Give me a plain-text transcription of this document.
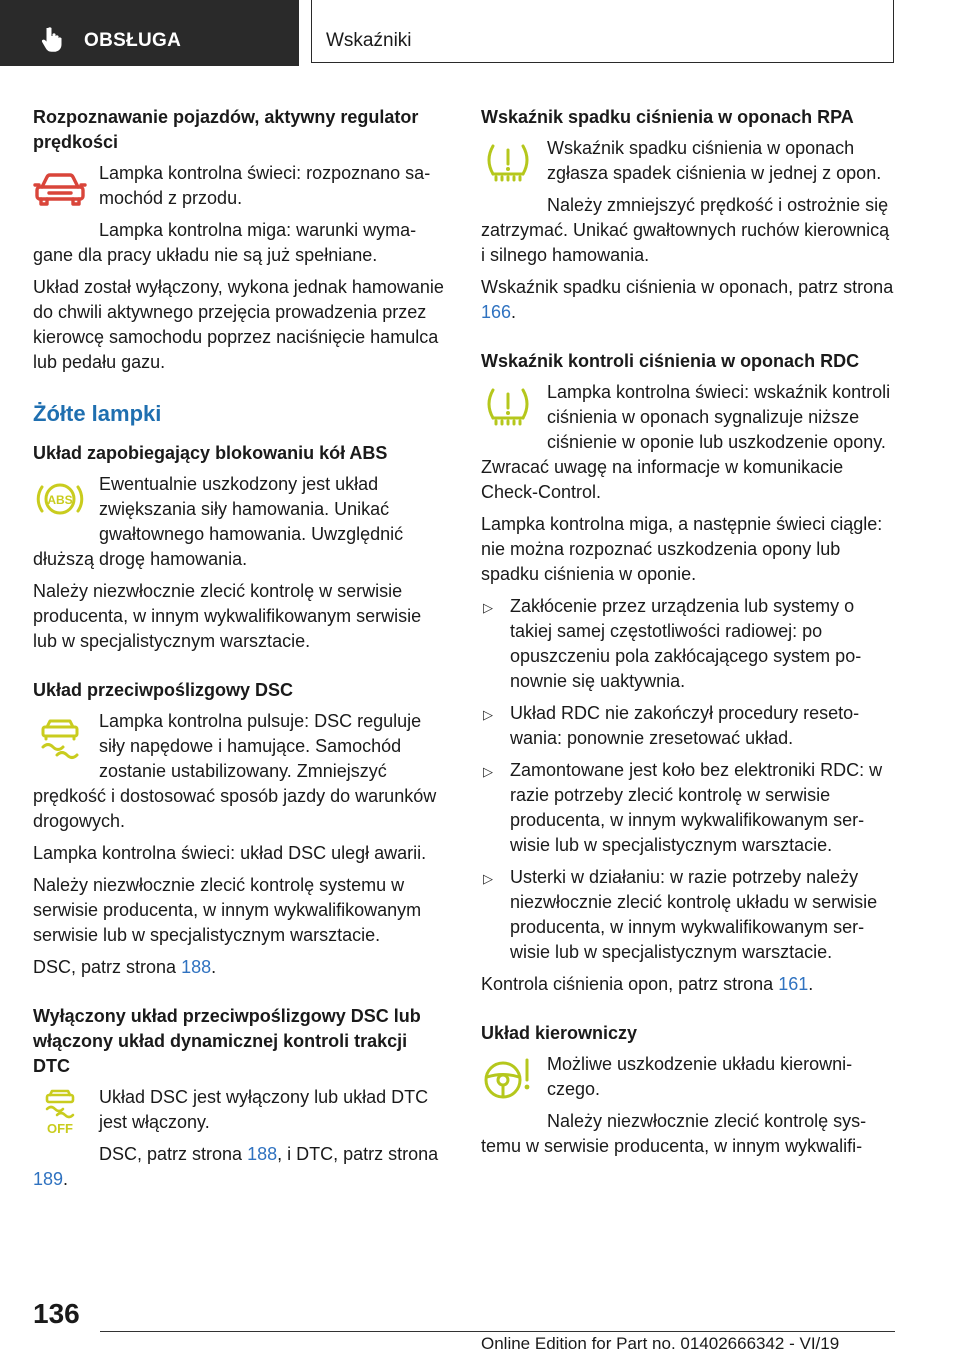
OBSŁUGA	Wskaźniki
Rozpoznawanie pojazdów, aktywny regulator prędkości

Lampka kontrolna świeci: rozpoznano samochód z przodu.

Lampka kontrolna miga: warunki wymagane dla pracy układu nie są już spełniane.

Układ został wyłączony, wykona jednak hamowanie do chwili aktywnego przejęcia prowadzenia przez kierowcę samochodu poprzez naciśnięcie hamulca lub pedału gazu.

Żółte lampki
Układ zapobiegający blokowaniu kół ABS
ABS

Ewentualnie uszkodzony jest układ zwiększania siły hamowania. Unikać gwałtownego hamowania. Uwzględnić dłuższą drogę hamowania.

Należy niezwłocznie zlecić kontrolę w serwisie producenta, w innym wykwalifikowanym serwisie lub w specjalistycznym warsztacie.

Układ przeciwpoślizgowy DSC

Lampka kontrolna pulsuje: DSC reguluje siły napędowe i hamujące. Samochód zostanie ustabilizowany. Zmniejszyć prędkość i dostosować sposób jazdy do warunków drogowych.

Lampka kontrolna świeci: układ DSC uległ awarii.

Należy niezwłocznie zlecić kontrolę systemu w serwisie producenta, w innym wykwalifikowanym serwisie lub w specjalistycznym warsztacie.

DSC, patrz strona 188.

Wyłączony układ przeciwpoślizgowy DSC lub włączony układ dynamicznej kontroli trakcji DTC
OFF

Układ DSC jest wyłączony lub układ DTC jest włączony.

DSC, patrz strona 188, i DTC, patrz strona 189.

Wskaźnik spadku ciśnienia w oponach RPA

Wskaźnik spadku ciśnienia w oponach zgłasza spadek ciśnienia w jednej z opon.

Należy zmniejszyć prędkość i ostrożnie się zatrzymać. Unikać gwałtownych ruchów kierownicą i silnego hamowania.

Wskaźnik spadku ciśnienia w oponach, patrz strona 166.

Wskaźnik kontroli ciśnienia w oponach RDC

Lampka kontrolna świeci: wskaźnik kontroli ciśnienia w oponach sygnalizuje niższe ciśnienie w oponie lub uszkodzenie opony. Zwracać uwagę na informacje w komunikacie Check-Control.

Lampka kontrolna miga, a następnie świeci ciągle: nie można rozpoznać uszkodzenia opony lub spadku ciśnienia w oponie.

▷ Zakłócenie przez urządzenia lub systemy o takiej samej częstotliwości radiowej: po opuszczeniu pola zakłócającego system ponownie się uaktywnia.
▷ Układ RDC nie zakończył procedury resetowania: ponownie zresetować układ.
▷ Zamontowane jest koło bez elektroniki RDC: w razie potrzeby zlecić kontrolę w serwisie producenta, w innym wykwalifikowanym serwisie lub w specjalistycznym warsztacie.
▷ Usterki w działaniu: w razie potrzeby należy niezwłocznie zlecić kontrolę układu w serwisie producenta, w innym wykwalifikowanym serwisie lub w specjalistycznym warsztacie.

Kontrola ciśnienia opon, patrz strona 161.

Układ kierowniczy

Możliwe uszkodzenie układu kierowniczego.

Należy niezwłocznie zlecić kontrolę systemu w serwisie producenta, w innym wykwalifi-

136
Online Edition for Part no. 01402666342 - VI/19
